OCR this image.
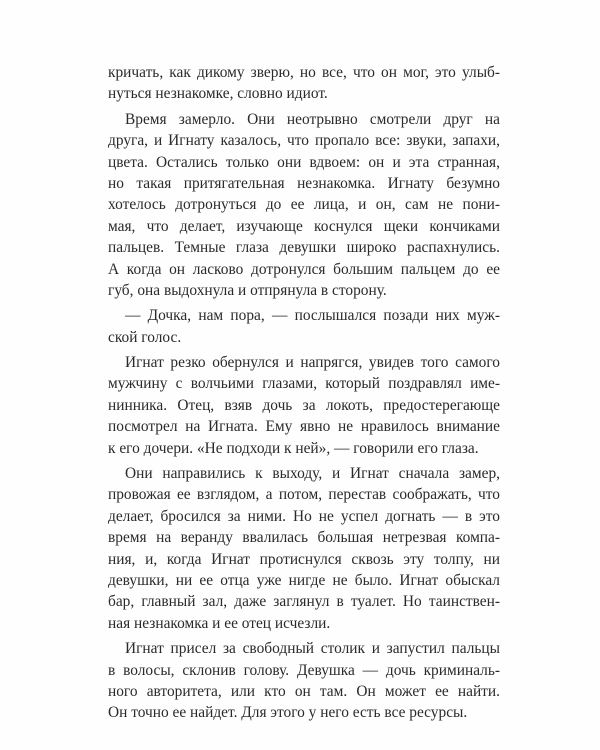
кричать, как дикому зверю, но все, что он мог, это улыб-
нуться незнакомке, словно идиот.
Время замерло. Они неотрывно смотрели друг на
друга, и Игнату казалось, что пропало все: звуки, запахи,
цвета. Остались только они вдвоем: он и эта странная,
но такая притягательная незнакомка. Игнату безумно
хотелось дотронуться до ее лица, и он, сам не пони-
мая, что делает, изучающе коснулся щеки кончиками
пальцев. Темные глаза девушки широко распахнулись.
А когда он ласково дотронулся большим пальцем до ее
губ, она выдохнула и отпрянула в сторону.
— Дочка, нам пора, — послышался позади них муж-
ской голос.
Игнат резко обернулся и напрягся, увидев того самого
мужчину с волчьими глазами, который поздравлял име-
нинника. Отец, взяв дочь за локоть, предостерегающе
посмотрел на Игната. Ему явно не нравилось внимание
к его дочери. «Не подходи к ней», — говорили его глаза.
Они направились к выходу, и Игнат сначала замер,
провожая ее взглядом, а потом, перестав соображать, что
делает, бросился за ними. Но не успел догнать — в это
время на веранду ввалилась большая нетрезвая компа-
ния, и, когда Игнат протиснулся сквозь эту толпу, ни
девушки, ни ее отца уже нигде не было. Игнат обыскал
бар, главный зал, даже заглянул в туалет. Но таинствен-
ная незнакомка и ее отец исчезли.
Игнат присел за свободный столик и запустил пальцы
в волосы, склонив голову. Девушка — дочь криминаль-
ного авторитета, или кто он там. Он может ее найти.
Он точно ее найдет. Для этого у него есть все ресурсы.
